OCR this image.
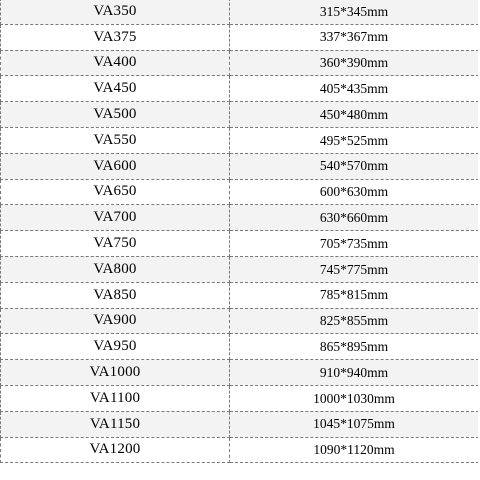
VA350	315*345mm
VA375	337*367mm
VA400	360*390mm
VA450	405*435mm
VA500	450*480mm
VA550	495*525mm
VA600	540*570mm
VA650	600*630mm
VA700	630*660mm
VA750	705*735mm
VA800	745*775mm
VA850	785*815mm
VA900	825*855mm
VA950	865*895mm
VA1000	910*940mm
VA1100	1000*1030mm
VA1150	1045*1075mm
VA1200	1090*1120mm
